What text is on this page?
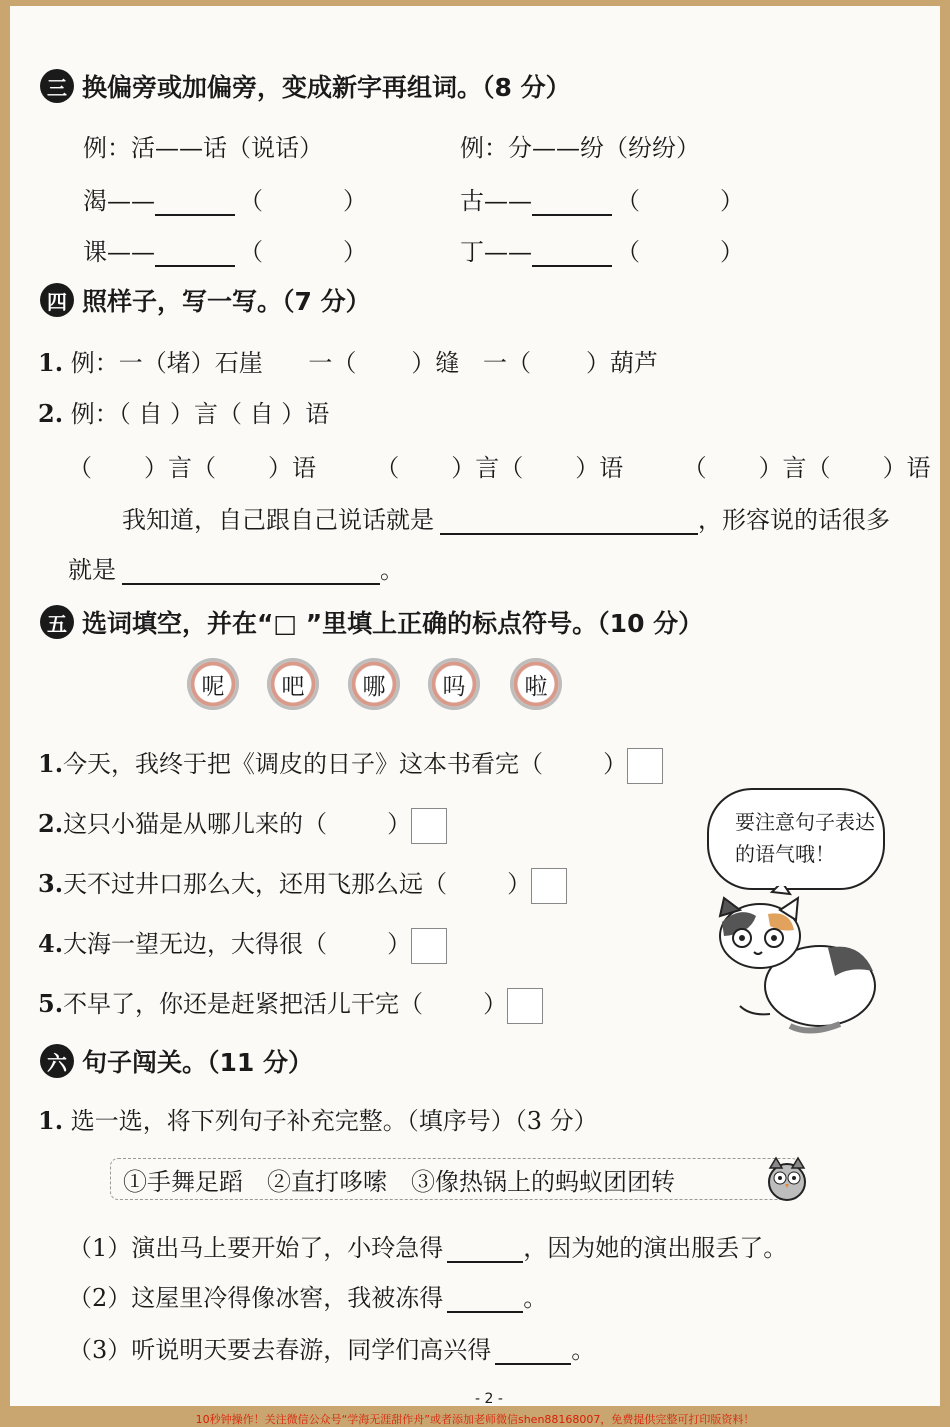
三 换偏旁或加偏旁，变成新字再组词。（8 分）
例：活——话（说话）	例：分——纷（纷纷）
渴——	（	）	古——	（	）
课——	（	）	丁——	（	）
四 照样子，写一写。（7 分）
1. 例：一（堵）石崖 一（ ）缝 一（ ）葫芦
2. 例：（ 自 ）言（ 自 ）语
（ ）言（ ）语 （ ）言（ ）语 （ ）言（ ）语
我知道，自己跟自己说话就是	，形容说的话很多
就是	。
五 选词填空，并在“□ ”里填上正确的标点符号。（10 分）
呢 吧	哪 吗	啦
1.今天，我终于把《调皮的日子》这本书看完（	）
2.这只小猫是从哪儿来的（	）
3.天不过井口那么大，还用飞那么远（	）
4.大海一望无边，大得很（	）
5.不早了，你还是赶紧把活儿干完（	）
要注意句子表达的语气哦！
六 句子闯关。（11 分）
1. 选一选，将下列句子补充完整。（填序号）（3 分）
①手舞足蹈　②直打哆嗦　③像热锅上的蚂蚁团团转
（1）演出马上要开始了，小玲急得	，因为她的演出服丢了。
（2）这屋里冷得像冰窖，我被冻得	。
（3）听说明天要去春游，同学们高兴得	。
- 2 -
10秒钟操作！关注微信公众号“学海无涯甜作舟”或者添加老师微信shen88168007，免费提供完整可打印版资料！
